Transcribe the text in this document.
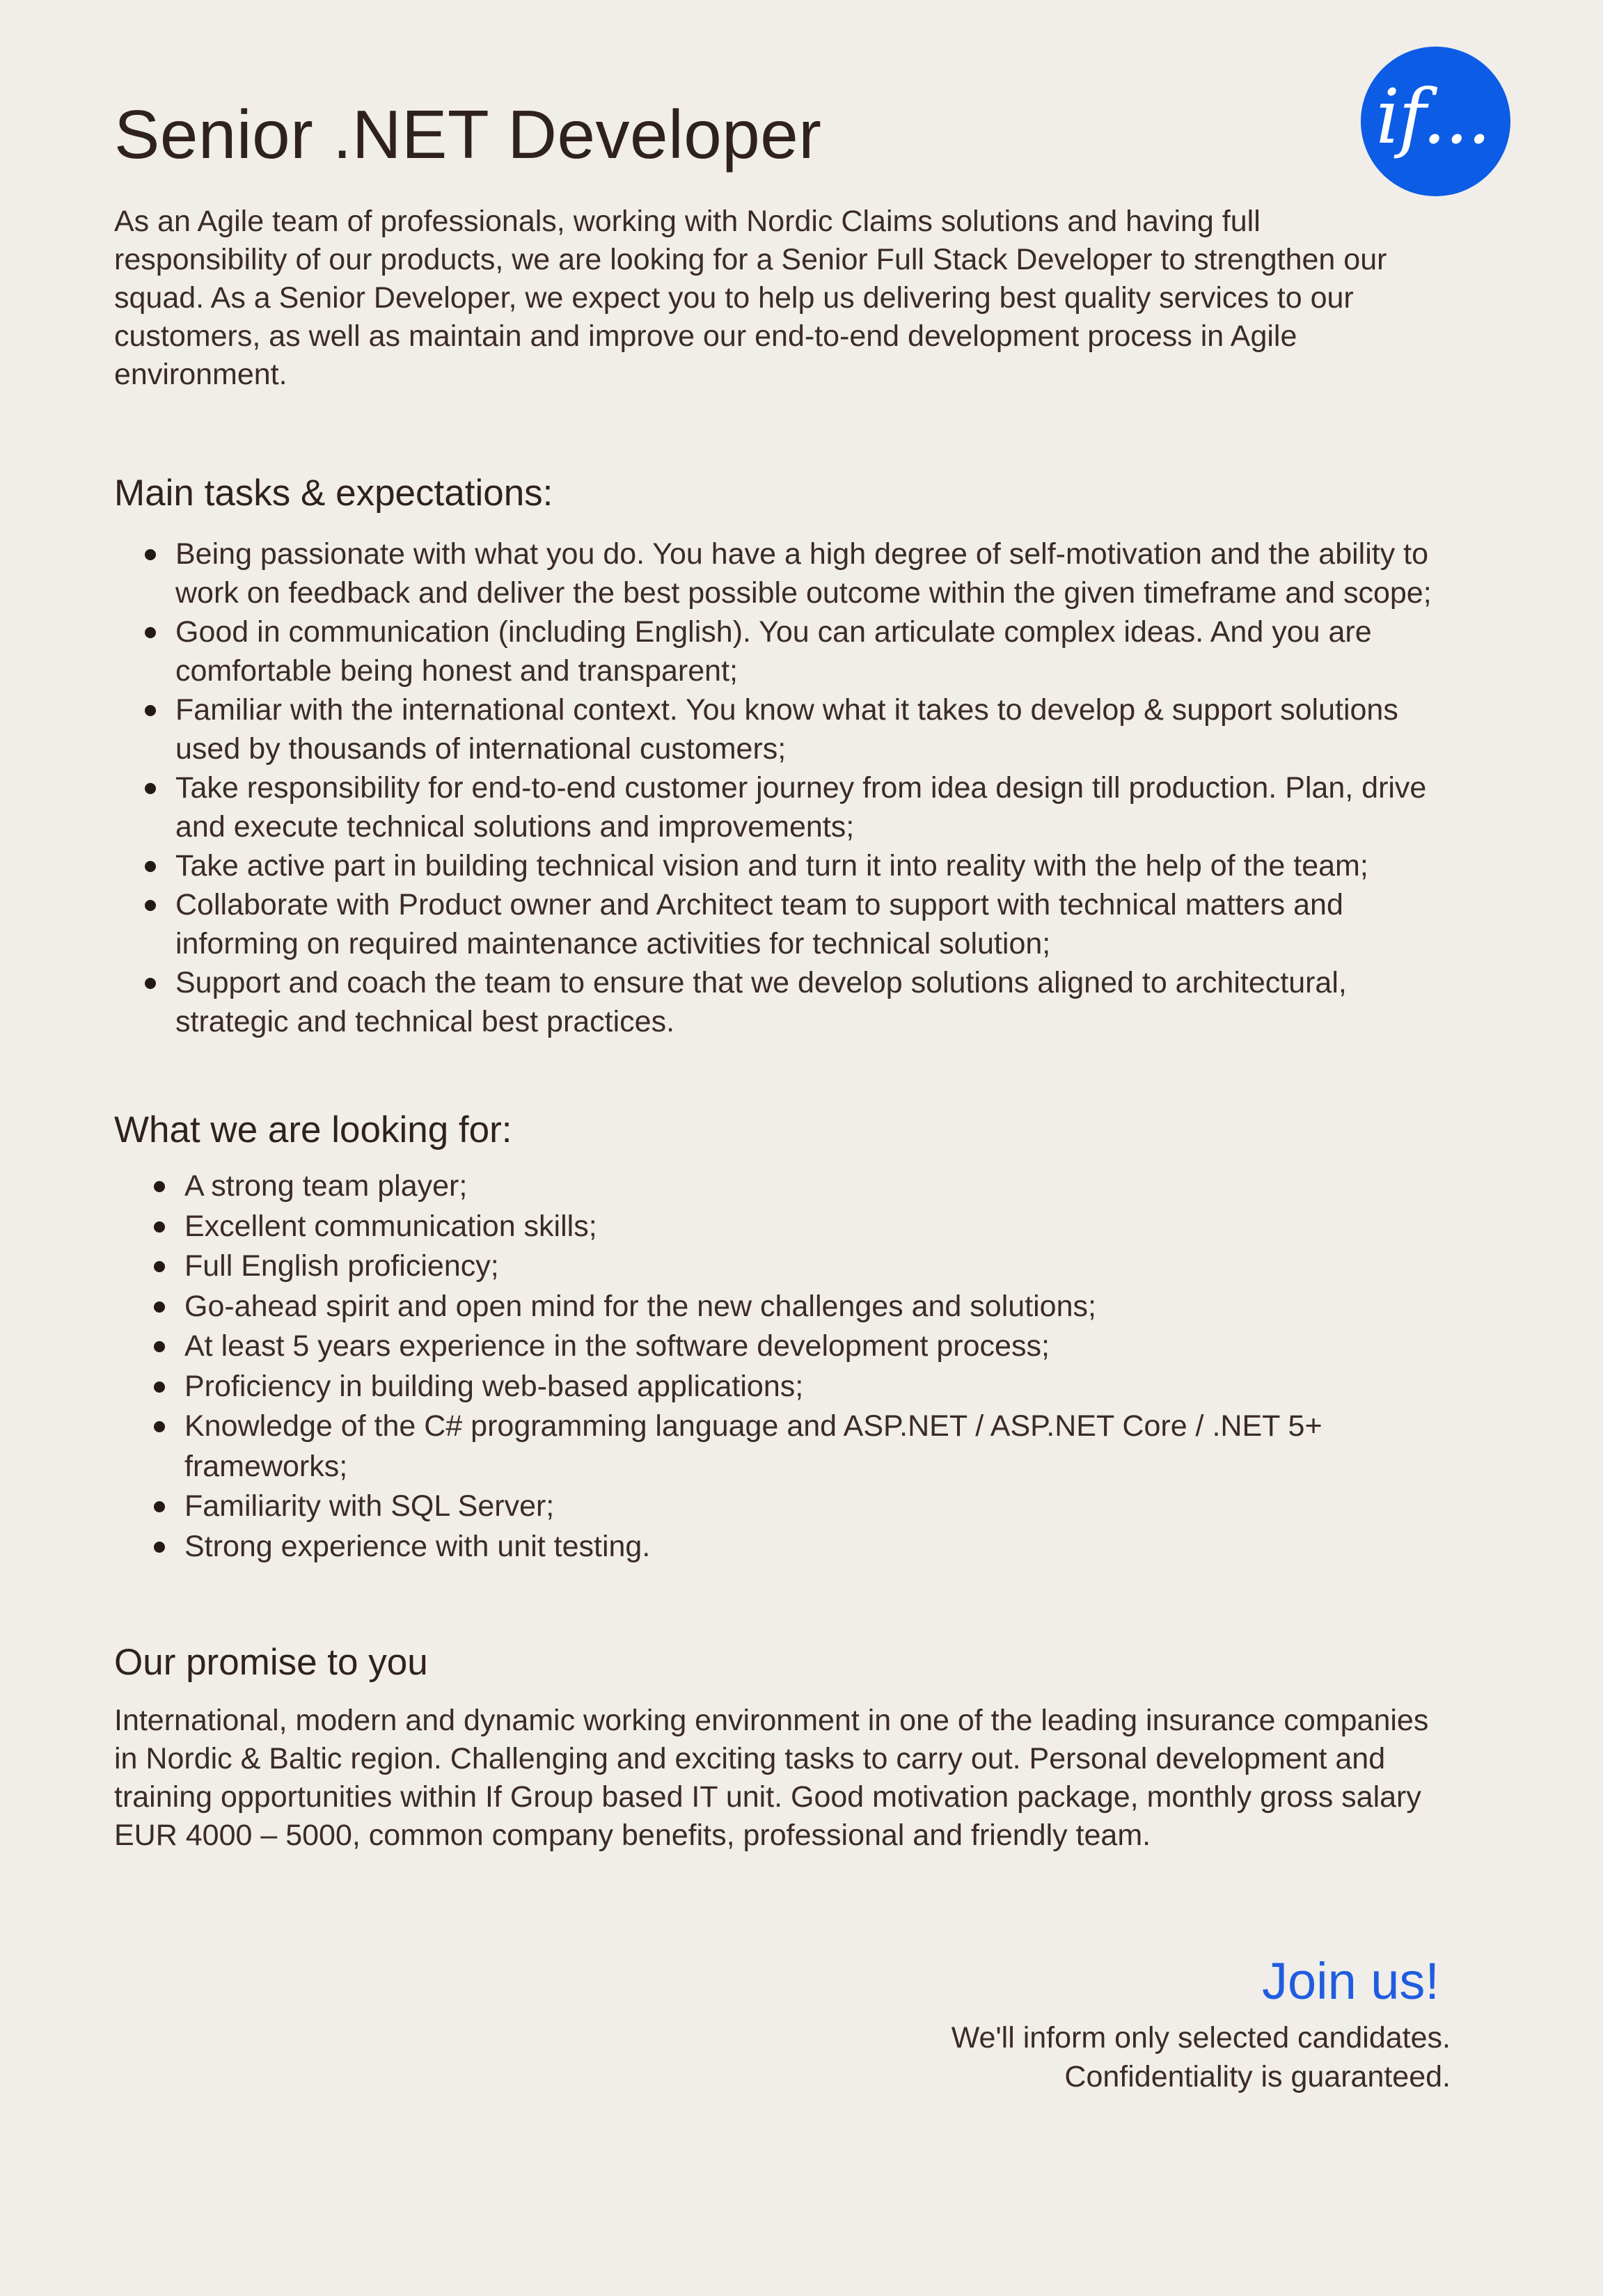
if...
Senior .NET Developer

As an Agile team of professionals, working with Nordic Claims solutions and having full responsibility of our products, we are looking for a Senior Full Stack Developer to strengthen our squad. As a Senior Developer, we expect you to help us delivering best quality services to our customers, as well as maintain and improve our end-to-end development process in Agile environment.

Main tasks & expectations:
Being passionate with what you do. You have a high degree of self-motivation and the ability to work on feedback and deliver the best possible outcome within the given timeframe and scope;
Good in communication (including English). You can articulate complex ideas. And you are comfortable being honest and transparent;
Familiar with the international context. You know what it takes to develop & support solutions used by thousands of international customers;
Take responsibility for end-to-end customer journey from idea design till production. Plan, drive and execute technical solutions and improvements;
Take active part in building technical vision and turn it into reality with the help of the team;
Collaborate with Product owner and Architect team to support with technical matters and informing on required maintenance activities for technical solution;
Support and coach the team to ensure that we develop solutions aligned to architectural, strategic and technical best practices.
What we are looking for:
A strong team player;
Excellent communication skills;
Full English proficiency;
Go-ahead spirit and open mind for the new challenges and solutions;
At least 5 years experience in the software development process;
Proficiency in building web-based applications;
Knowledge of the C# programming language and ASP.NET / ASP.NET Core / .NET 5+ frameworks;
Familiarity with SQL Server;
Strong experience with unit testing.
Our promise to you

International, modern and dynamic working environment in one of the leading insurance companies in Nordic & Baltic region. Challenging and exciting tasks to carry out. Personal development and training opportunities within If Group based IT unit. Good motivation package, monthly gross salary EUR 4000 – 5000, common company benefits, professional and friendly team.

Join us!

We'll inform only selected candidates.

Confidentiality is guaranteed.
